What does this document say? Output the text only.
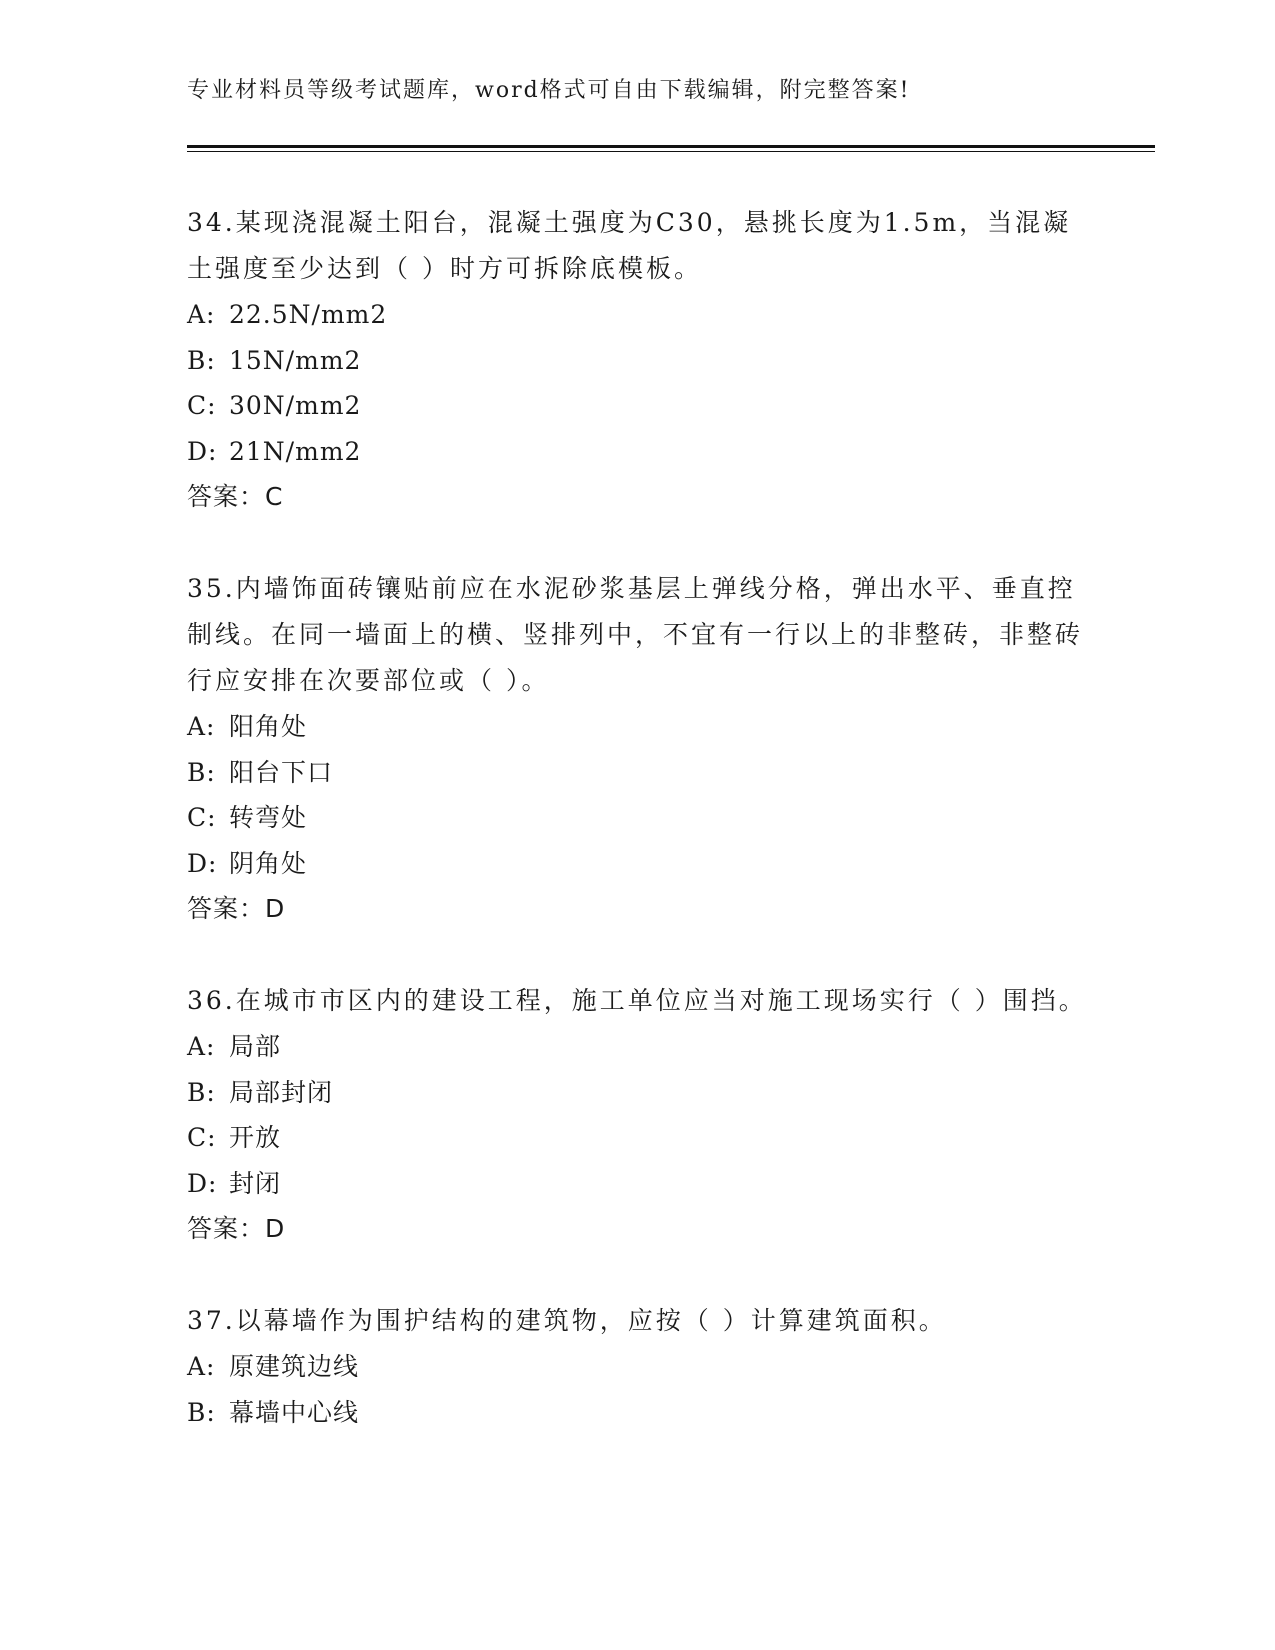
专业材料员等级考试题库，word格式可自由下载编辑，附完整答案!
34.某现浇混凝土阳台，混凝土强度为C30，悬挑长度为1.5m，当混凝土强度至少达到（ ）时方可拆除底模板。
A: 22.5N/mm2
B: 15N/mm2
C: 30N/mm2
D: 21N/mm2
答案：C
35.内墙饰面砖镶贴前应在水泥砂浆基层上弹线分格，弹出水平、垂直控制线。在同一墙面上的横、竖排列中，不宜有一行以上的非整砖，非整砖行应安排在次要部位或（ ）。
A: 阳角处
B: 阳台下口
C: 转弯处
D: 阴角处
答案：D
36.在城市市区内的建设工程，施工单位应当对施工现场实行（ ）围挡。
A: 局部
B: 局部封闭
C: 开放
D: 封闭
答案：D
37.以幕墙作为围护结构的建筑物，应按（ ）计算建筑面积。
A: 原建筑边线
B: 幕墙中心线
